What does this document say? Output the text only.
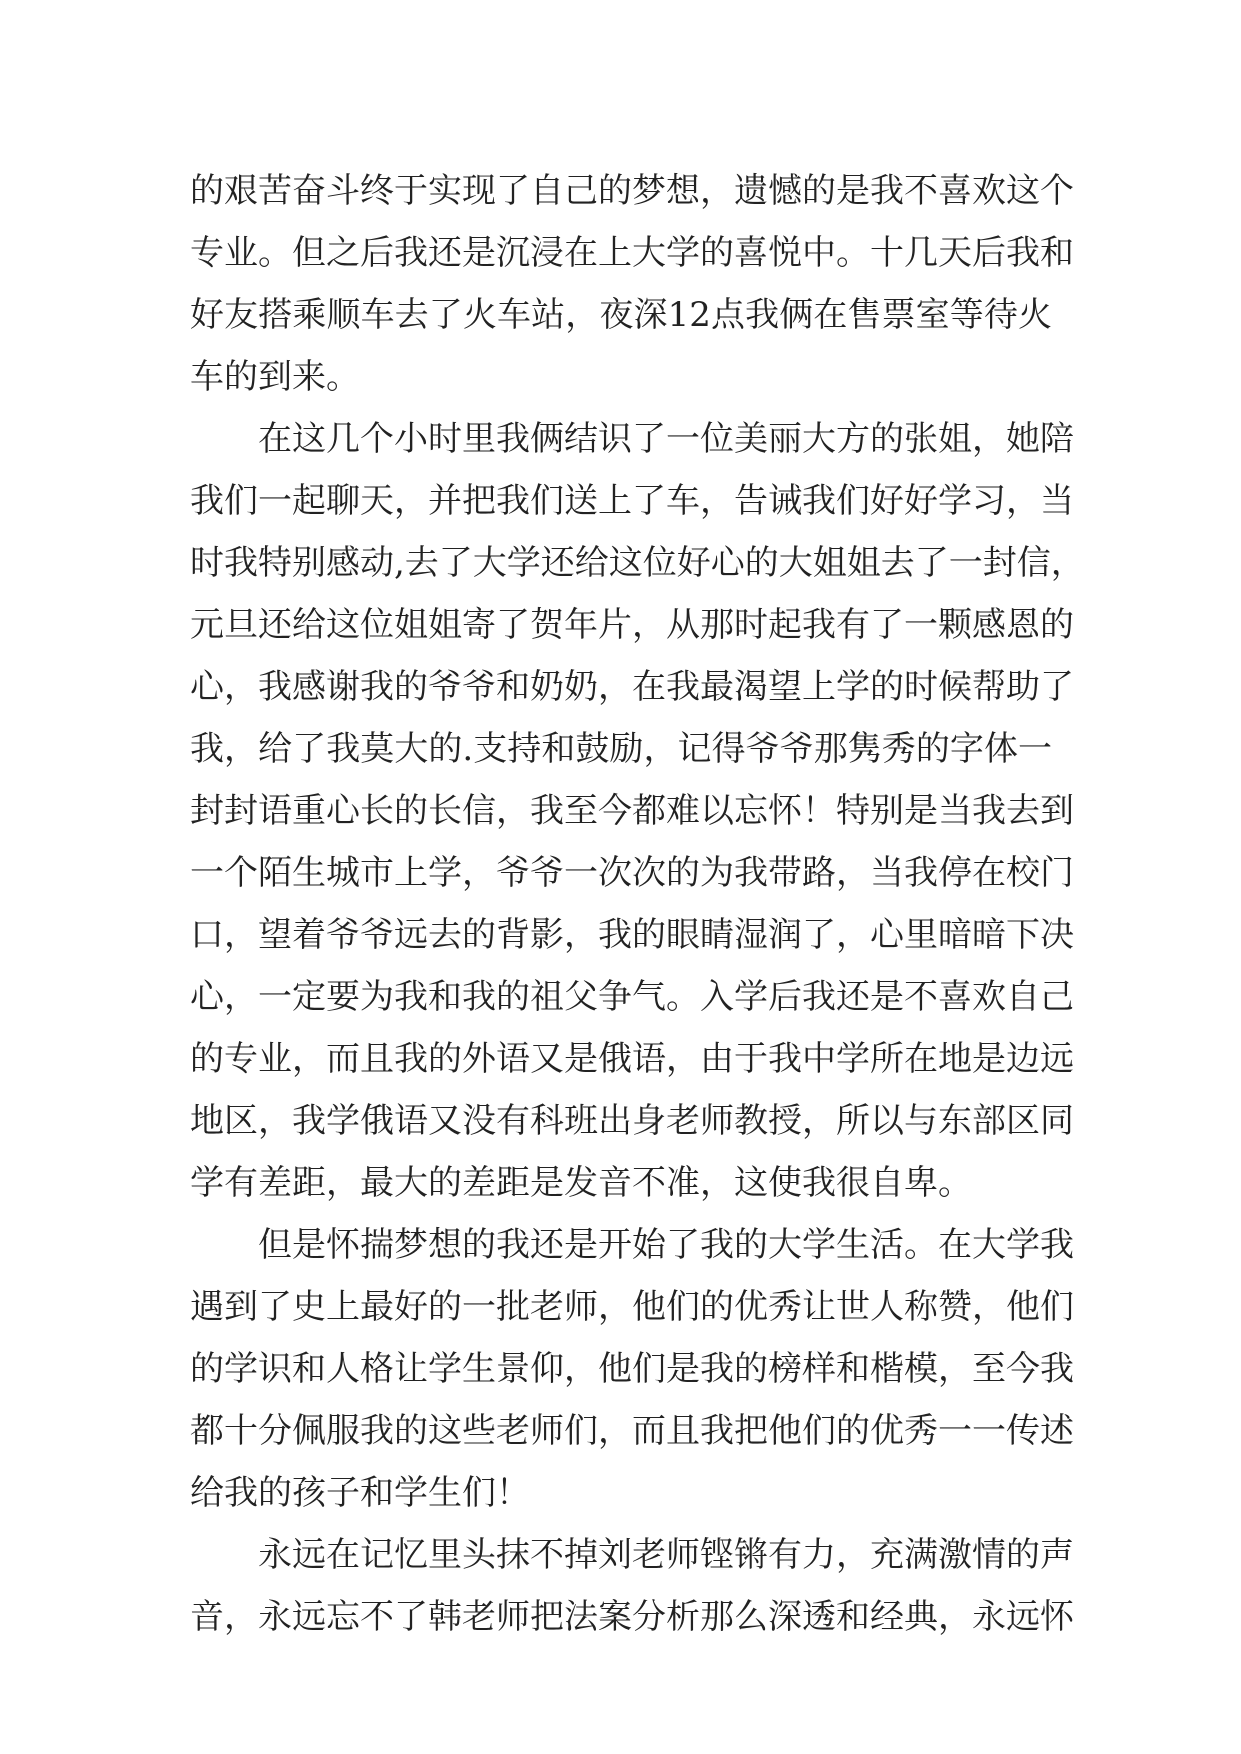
的艰苦奋斗终于实现了自己的梦想，遗憾的是我不喜欢这个
专业。但之后我还是沉浸在上大学的喜悦中。十几天后我和
好友搭乘顺车去了火车站，夜深12点我俩在售票室等待火
车的到来。
在这几个小时里我俩结识了一位美丽大方的张姐，她陪
我们一起聊天，并把我们送上了车，告诫我们好好学习，当
时我特别感动,去了大学还给这位好心的大姐姐去了一封信，
元旦还给这位姐姐寄了贺年片，从那时起我有了一颗感恩的
心，我感谢我的爷爷和奶奶，在我最渴望上学的时候帮助了
我，给了我莫大的.支持和鼓励，记得爷爷那隽秀的字体一
封封语重心长的长信，我至今都难以忘怀！特别是当我去到
一个陌生城市上学，爷爷一次次的为我带路，当我停在校门
口，望着爷爷远去的背影，我的眼睛湿润了，心里暗暗下决
心，一定要为我和我的祖父争气。入学后我还是不喜欢自己
的专业，而且我的外语又是俄语，由于我中学所在地是边远
地区，我学俄语又没有科班出身老师教授，所以与东部区同
学有差距，最大的差距是发音不准，这使我很自卑。
但是怀揣梦想的我还是开始了我的大学生活。在大学我
遇到了史上最好的一批老师，他们的优秀让世人称赞，他们
的学识和人格让学生景仰，他们是我的榜样和楷模，至今我
都十分佩服我的这些老师们，而且我把他们的优秀一一传述
给我的孩子和学生们！
永远在记忆里头抹不掉刘老师铿锵有力，充满激情的声
音，永远忘不了韩老师把法案分析那么深透和经典，永远怀
